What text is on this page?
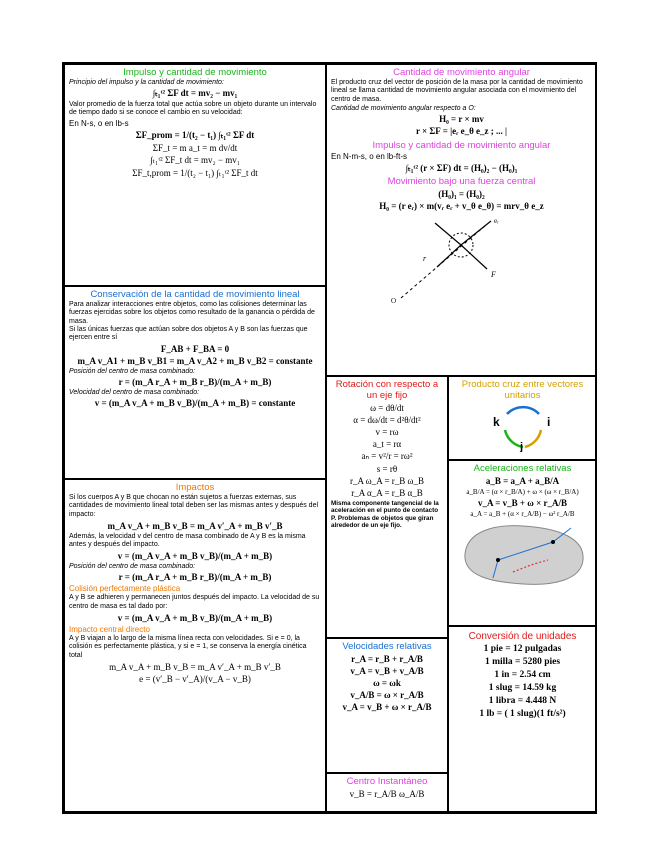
Impulso y cantidad de movimiento
Principio del impulso y la cantidad de movimiento:
∫ₜ₁ᵗ² ΣF dt = mv₂ − mv₁

Valor promedio de la fuerza total que actúa sobre un objeto durante un intervalo de tiempo dado si se conoce el cambio en su velocidad:

En N-s, o en lb-s
ΣF_prom = 1/(t₂ − t₁) ∫ₜ₁ᵗ² ΣF dt
ΣF_t = m a_t = m dv/dt
∫ₜ₁ᵗ² ΣF_t dt = mv₂ − mv₁
ΣF_t,prom = 1/(t₂ − t₁) ∫ₜ₁ᵗ² ΣF_t dt
Cantidad de movimiento angular

El producto cruz del vector de posición de la masa por la cantidad de movimiento lineal se llama cantidad de movimiento angular asociada con el movimiento del centro de masa.

Cantidad de movimiento angular respecto a O:
H₀ = r × mv
r × ΣF = |eᵣ e_θ e_z ; ... |
Impulso y cantidad de movimiento angular
En N-m-s, o en lb-ft-s
∫ₜ₁ᵗ² (r × ΣF) dt = (H₀)₂ − (H₀)₁
Movimiento bajo una fuerza central
(H₀)₁ = (H₀)₂
H₀ = (r eᵣ) × m(vᵣ eᵣ + v_θ e_θ) = mrv_θ e_z
eᵣ
r
F
O
Conservación de la cantidad de movimiento lineal

Para analizar interacciones entre objetos, como las colisiones determinar las fuerzas ejercidas sobre los objetos como resultado de la ganancia o pérdida de masa.

Si las únicas fuerzas que actúan sobre dos objetos A y B son las fuerzas que ejercen entre sí

F_AB + F_BA = 0
m_A v_A1 + m_B v_B1 = m_A v_A2 + m_B v_B2 = constante
Posición del centro de masa combinado:
r = (m_A r_A + m_B r_B)/(m_A + m_B)
Velocidad del centro de masa combinado:
v = (m_A v_A + m_B v_B)/(m_A + m_B) = constante
Impactos

Si los cuerpos A y B que chocan no están sujetos a fuerzas externas, sus cantidades de movimiento lineal total deben ser las mismas antes y después del impacto:

m_A v_A + m_B v_B = m_A v′_A + m_B v′_B

Además, la velocidad v del centro de masa combinado de A y B es la misma antes y después del impacto.

v = (m_A v_A + m_B v_B)/(m_A + m_B)
Posición del centro de masa combinado:
r = (m_A r_A + m_B r_B)/(m_A + m_B)
Colisión perfectamente plástica

A y B se adhieren y permanecen juntos después del impacto. La velocidad de su centro de masa es tal dado por:

v = (m_A v_A + m_B v_B)/(m_A + m_B)
Impacto central directo

A y B viajan a lo largo de la misma línea recta con velocidades. Si e = 0, la colisión es perfectamente plástica, y si e = 1, se conserva la energía cinética total

m_A v_A + m_B v_B = m_A v′_A + m_B v′_B
e = (v′_B − v′_A)/(v_A − v_B)
Rotación con respecto a un eje fijo
ω = dθ/dt
α = dω/dt = d²θ/dt²
v = rω
a_t = rα
aₙ = v²/r = rω²
s = rθ
r_A ω_A = r_B ω_B
r_A α_A = r_B α_B

Misma componente tangencial de la aceleración en el punto de contacto P. Problemas de objetos que giran alrededor de un eje fijo.

Producto cruz entre vectores unitarios
k	i
j
Aceleraciones relativas
a_B = a_A + a_B/A
a_B/A = (α × r_B/A) + ω × (ω × r_B/A)
v_A = v_B + ω × r_A/B
a_A = a_B + (α × r_A/B) − ω² r_A/B
Velocidades relativas
r_A = r_B + r_A/B
v_A = v_B + v_A/B
ω = ωk
v_A/B = ω × r_A/B
v_A = v_B + ω × r_A/B
Centro Instantáneo
v_B = r_A/B ω_A/B
Conversión de unidades
1 pie = 12 pulgadas
1 milla = 5280 pies
1 in = 2.54 cm
1 slug = 14.59 kg
1 libra = 4.448 N
1 lb = ( 1 slug)(1 ft/s²)
